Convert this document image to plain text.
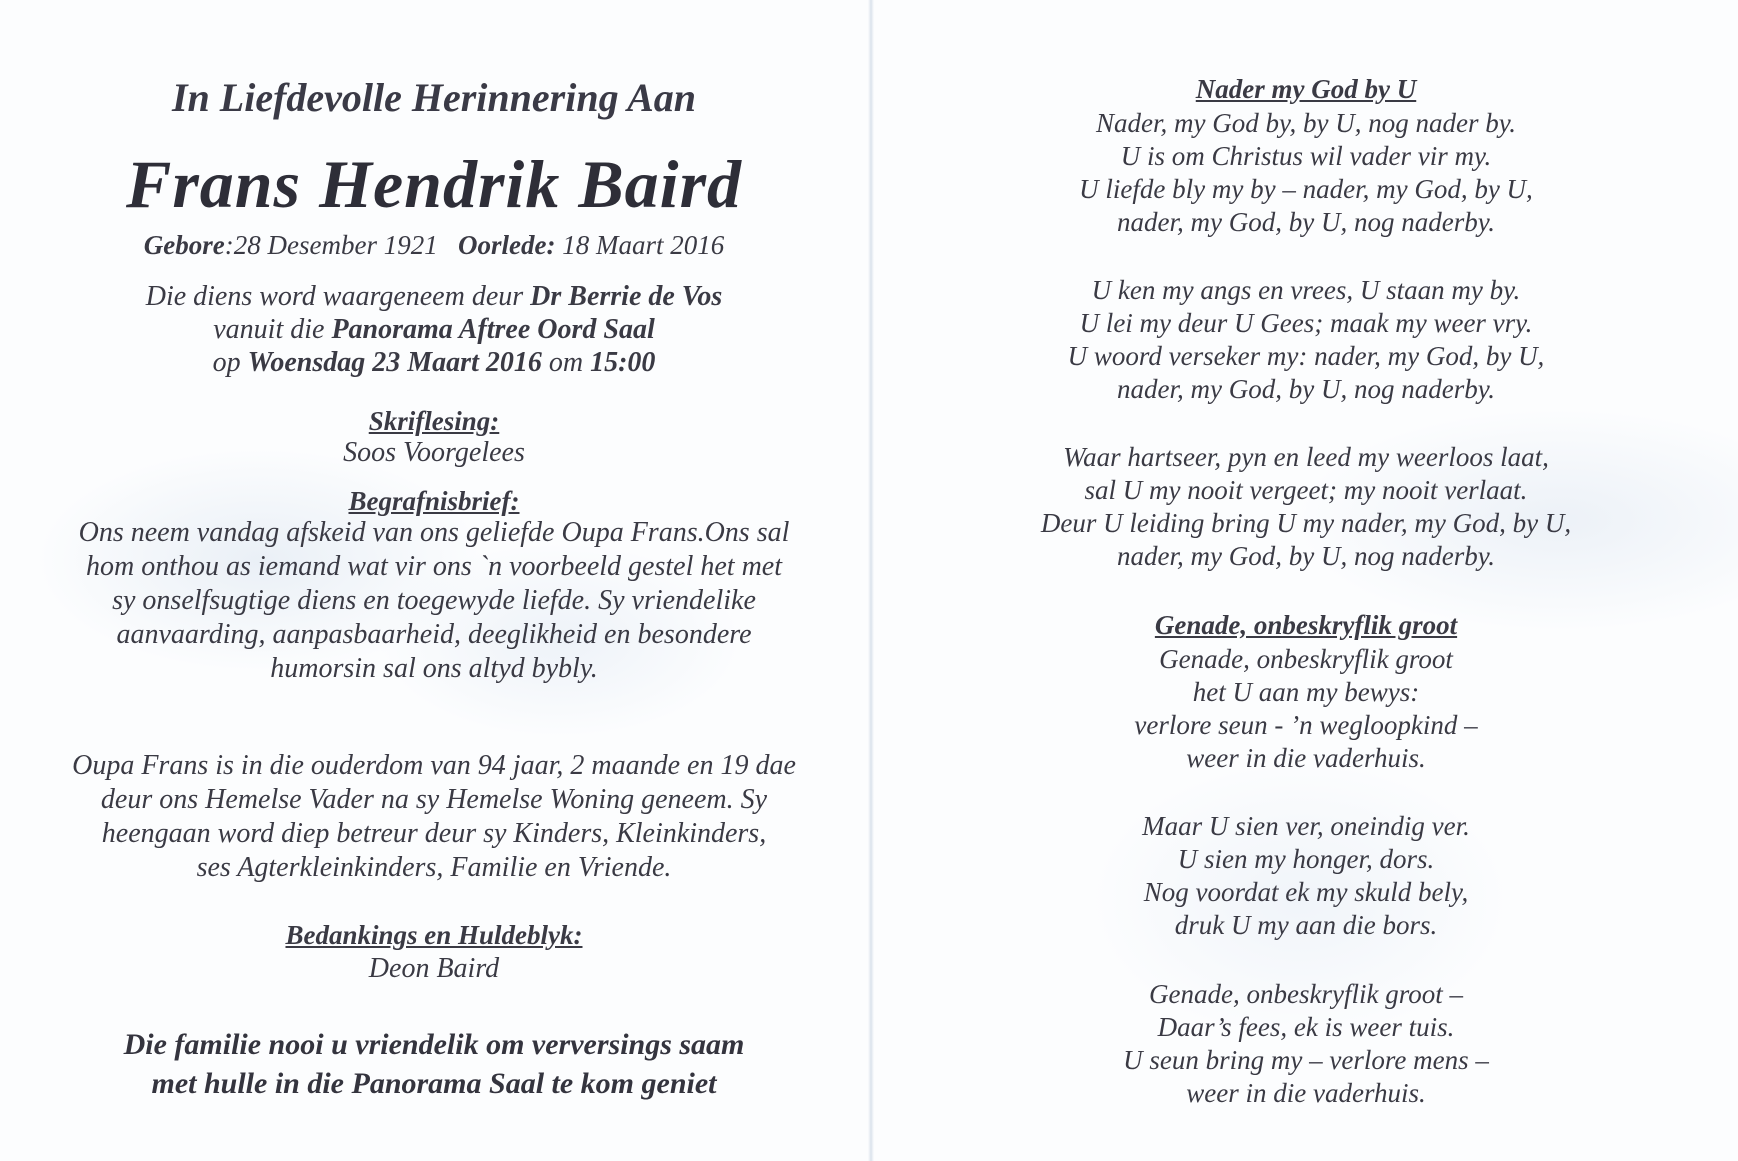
In Liefdevolle Herinnering Aan
Frans Hendrik Baird
Gebore:28 Desember 1921 Oorlede: 18 Maart 2016
Die diens word waargeneem deur Dr Berrie de Vos
vanuit die Panorama Aftree Oord Saal
op Woensdag 23 Maart 2016 om 15:00
Skriflesing:
Soos Voorgelees
Begrafnisbrief:
Ons neem vandag afskeid van ons geliefde Oupa Frans.Ons sal
hom onthou as iemand wat vir ons `n voorbeeld gestel het met
sy onselfsugtige diens en toegewyde liefde. Sy vriendelike
aanvaarding, aanpasbaarheid, deeglikheid en besondere
humorsin sal ons altyd bybly.
Oupa Frans is in die ouderdom van 94 jaar, 2 maande en 19 dae
deur ons Hemelse Vader na sy Hemelse Woning geneem. Sy
heengaan word diep betreur deur sy Kinders, Kleinkinders,
ses Agterkleinkinders, Familie en Vriende.
Bedankings en Huldeblyk:
Deon Baird
Die familie nooi u vriendelik om verversings saam
met hulle in die Panorama Saal te kom geniet
Nader my God by U
Nader, my God by, by U, nog nader by.
U is om Christus wil vader vir my.
U liefde bly my by – nader, my God, by U,
nader, my God, by U, nog naderby.
U ken my angs en vrees, U staan my by.
U lei my deur U Gees; maak my weer vry.
U woord verseker my: nader, my God, by U,
nader, my God, by U, nog naderby.
Waar hartseer, pyn en leed my weerloos laat,
sal U my nooit vergeet; my nooit verlaat.
Deur U leiding bring U my nader, my God, by U,
nader, my God, by U, nog naderby.
Genade, onbeskryflik groot
Genade, onbeskryflik groot
het U aan my bewys:
verlore seun - ’n wegloopkind –
weer in die vaderhuis.
Maar U sien ver, oneindig ver.
U sien my honger, dors.
Nog voordat ek my skuld bely,
druk U my aan die bors.
Genade, onbeskryflik groot –
Daar’s fees, ek is weer tuis.
U seun bring my – verlore mens –
weer in die vaderhuis.
